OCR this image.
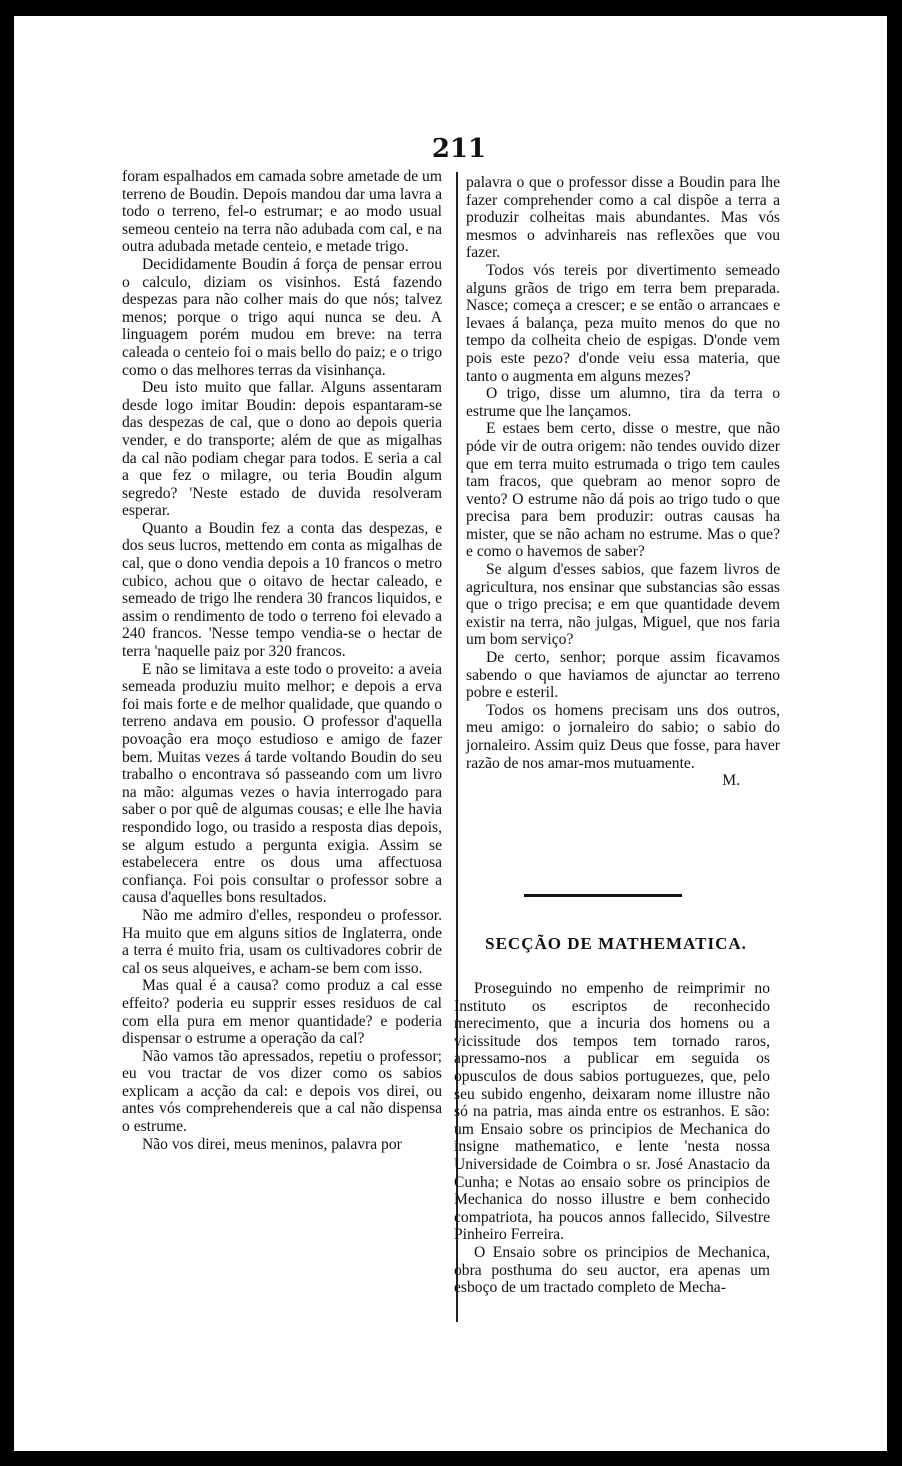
211

foram espalhados em camada sobre ametade de um terreno de Boudin. Depois mandou dar uma lavra a todo o terreno, fel-o estrumar; e ao modo usual semeou centeio na terra não adubada com cal, e na outra adubada metade centeio, e metade trigo.

Decididamente Boudin á força de pensar errou o calculo, diziam os visinhos. Está fazendo despezas para não colher mais do que nós; talvez menos; porque o trigo aqui nunca se deu. A linguagem porém mudou em breve: na terra caleada o centeio foi o mais bello do paiz; e o trigo como o das melhores terras da visinhança.

Deu isto muito que fallar. Alguns assentaram desde logo imitar Boudin: depois espantaram-se das despezas de cal, que o dono ao depois queria vender, e do transporte; além de que as migalhas da cal não podiam chegar para todos. E seria a cal a que fez o milagre, ou teria Boudin algum segredo? 'Neste estado de duvida resolveram esperar.

Quanto a Boudin fez a conta das despezas, e dos seus lucros, mettendo em conta as migalhas de cal, que o dono vendia depois a 10 francos o metro cubico, achou que o oitavo de hectar caleado, e semeado de trigo lhe rendera 30 francos liquidos, e assim o rendimento de todo o terreno foi elevado a 240 francos. 'Nesse tempo vendia-se o hectar de terra 'naquelle paiz por 320 francos.

E não se limitava a este todo o proveito: a aveia semeada produziu muito melhor; e depois a erva foi mais forte e de melhor qualidade, que quando o terreno andava em pousio. O professor d'aquella povoação era moço estudioso e amigo de fazer bem. Muitas vezes á tarde voltando Boudin do seu trabalho o encontrava só passeando com um livro na mão: algumas vezes o havia interrogado para saber o por quê de algumas cousas; e elle lhe havia respondido logo, ou trasido a resposta dias depois, se algum estudo a pergunta exigia. Assim se estabelecera entre os dous uma affectuosa confiança. Foi pois consultar o professor sobre a causa d'aquelles bons resultados.

Não me admiro d'elles, respondeu o professor. Ha muito que em alguns sitios de Inglaterra, onde a terra é muito fria, usam os cultivadores cobrir de cal os seus alqueives, e acham-se bem com isso.

Mas qual é a causa? como produz a cal esse effeito? poderia eu supprir esses residuos de cal com ella pura em menor quantidade? e poderia dispensar o estrume a operação da cal?

Não vamos tão apressados, repetiu o professor; eu vou tractar de vos dizer como os sabios explicam a acção da cal: e depois vos direi, ou antes vós comprehendereis que a cal não dispensa o estrume.

Não vos direi, meus meninos, palavra por

palavra o que o professor disse a Boudin para lhe fazer comprehender como a cal dispõe a terra a produzir colheitas mais abundantes. Mas vós mesmos o advinhareis nas reflexões que vou fazer.

Todos vós tereis por divertimento semeado alguns grãos de trigo em terra bem preparada. Nasce; começa a crescer; e se então o arrancaes e levaes á balança, peza muito menos do que no tempo da colheita cheio de espigas. D'onde vem pois este pezo? d'onde veiu essa materia, que tanto o augmenta em alguns mezes?

O trigo, disse um alumno, tira da terra o estrume que lhe lançamos.

E estaes bem certo, disse o mestre, que não póde vir de outra origem: não tendes ouvido dizer que em terra muito estrumada o trigo tem caules tam fracos, que quebram ao menor sopro de vento? O estrume não dá pois ao trigo tudo o que precisa para bem produzir: outras causas ha mister, que se não acham no estrume. Mas o que? e como o havemos de saber?

Se algum d'esses sabios, que fazem livros de agricultura, nos ensinar que substancias são essas que o trigo precisa; e em que quantidade devem existir na terra, não julgas, Miguel, que nos faria um bom serviço?

De certo, senhor; porque assim ficavamos sabendo o que haviamos de ajunctar ao terreno pobre e esteril.

Todos os homens precisam uns dos outros, meu amigo: o jornaleiro do sabio; o sabio do jornaleiro. Assim quiz Deus que fosse, para haver razão de nos amar-mos mutuamente.

M.

SECÇÃO DE MATHEMATICA.

Proseguindo no empenho de reimprimir no Instituto os escriptos de reconhecido merecimento, que a incuria dos homens ou a vicissitude dos tempos tem tornado raros, apressamo-nos a publicar em seguida os opusculos de dous sabios portuguezes, que, pelo seu subido engenho, deixaram nome illustre não só na patria, mas ainda entre os estranhos. E são: um Ensaio sobre os principios de Mechanica do insigne mathematico, e lente 'nesta nossa Universidade de Coimbra o sr. José Anastacio da Cunha; e Notas ao ensaio sobre os principios de Mechanica do nosso illustre e bem conhecido compatriota, ha poucos annos fallecido, Silvestre Pinheiro Ferreira.

O Ensaio sobre os principios de Mechanica, obra posthuma do seu auctor, era apenas um esboço de um tractado completo de Mecha-
